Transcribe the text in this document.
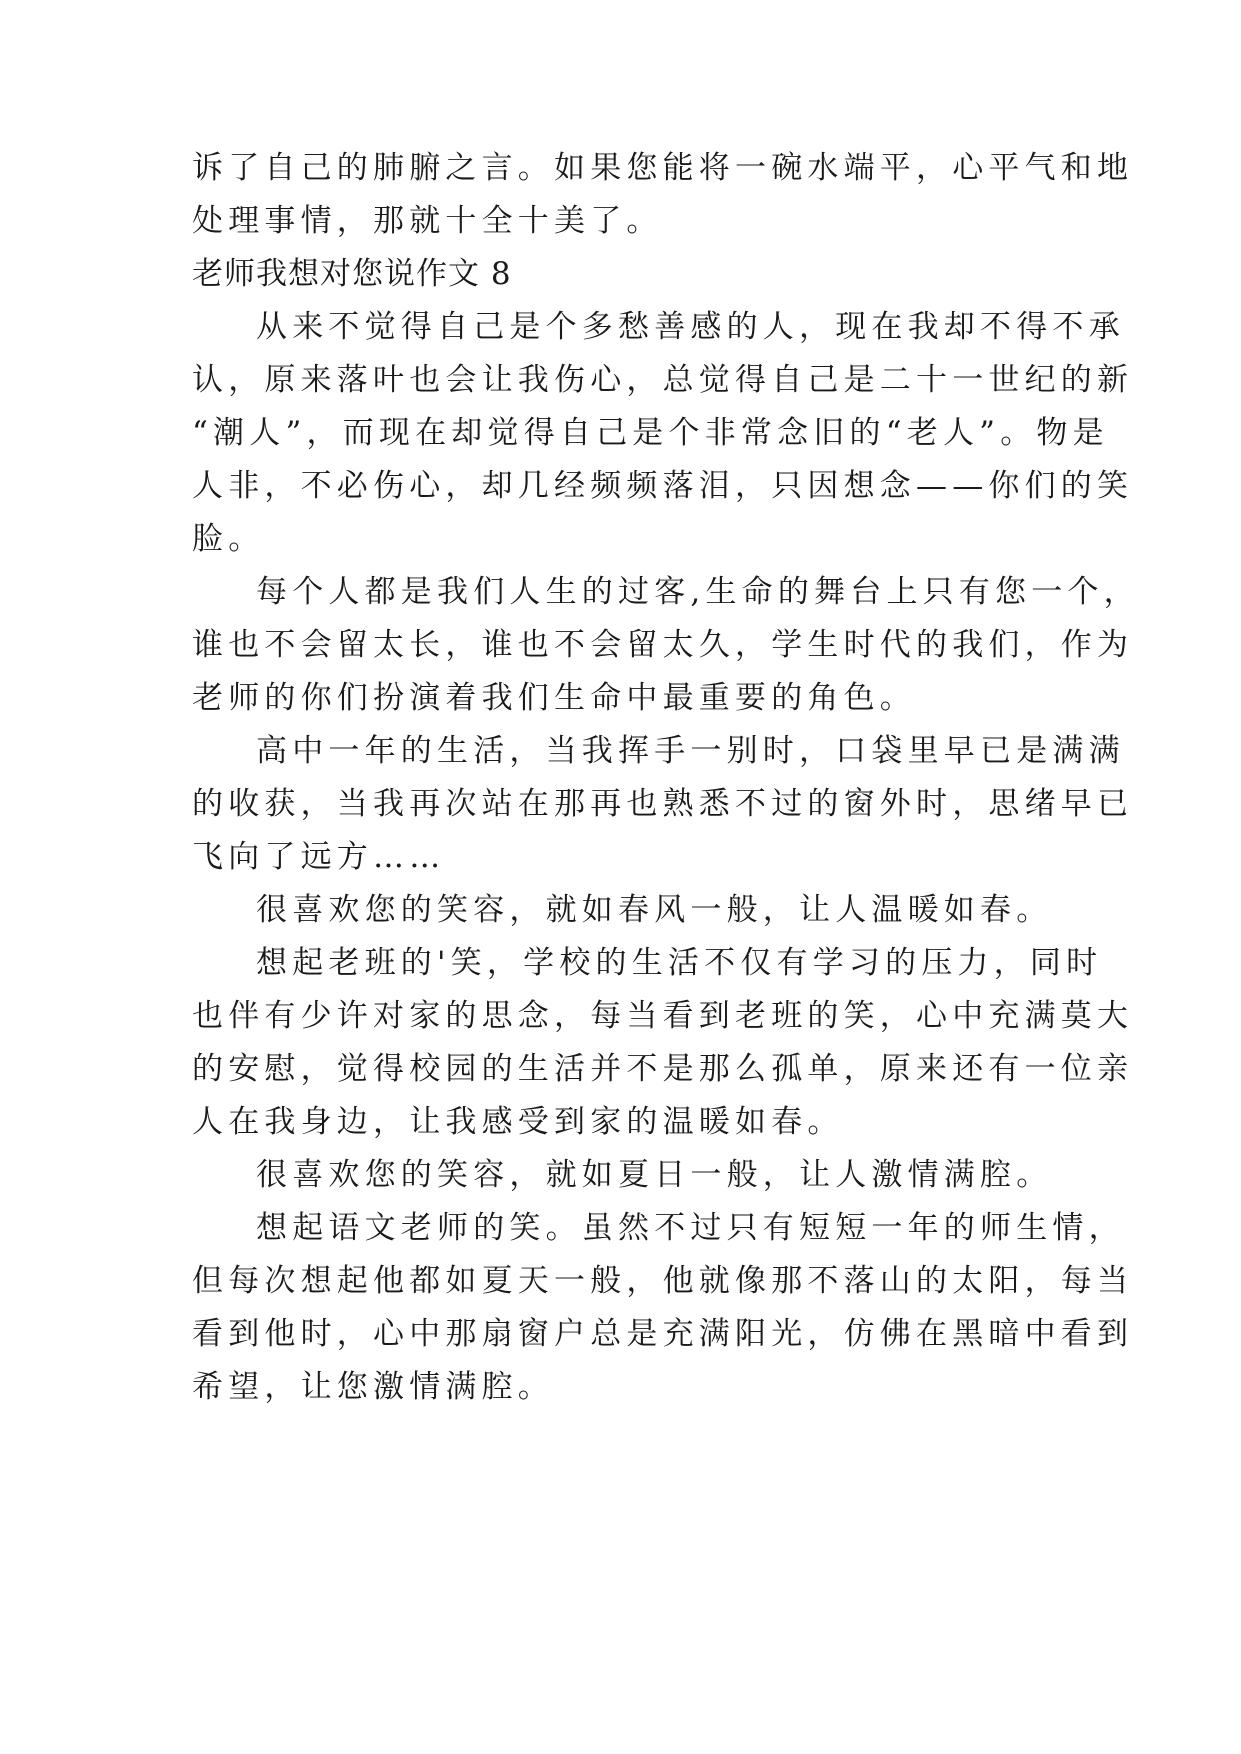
诉了自己的肺腑之言。如果您能将一碗水端平，心平气和地
处理事情，那就十全十美了。
老师我想对您说作文 8
从来不觉得自己是个多愁善感的人，现在我却不得不承
认，原来落叶也会让我伤心，总觉得自己是二十一世纪的新
“潮人”，而现在却觉得自己是个非常念旧的“老人”。物是
人非，不必伤心，却几经频频落泪，只因想念——你们的笑
脸。
每个人都是我们人生的过客,生命的舞台上只有您一个，
谁也不会留太长，谁也不会留太久，学生时代的我们，作为
老师的你们扮演着我们生命中最重要的角色。
高中一年的生活，当我挥手一别时，口袋里早已是满满
的收获，当我再次站在那再也熟悉不过的窗外时，思绪早已
飞向了远方……
很喜欢您的笑容，就如春风一般，让人温暖如春。
想起老班的'笑，学校的生活不仅有学习的压力，同时
也伴有少许对家的思念，每当看到老班的笑，心中充满莫大
的安慰，觉得校园的生活并不是那么孤单，原来还有一位亲
人在我身边，让我感受到家的温暖如春。
很喜欢您的笑容，就如夏日一般，让人激情满腔。
想起语文老师的笑。虽然不过只有短短一年的师生情，
但每次想起他都如夏天一般，他就像那不落山的太阳，每当
看到他时，心中那扇窗户总是充满阳光，仿佛在黑暗中看到
希望，让您激情满腔。
